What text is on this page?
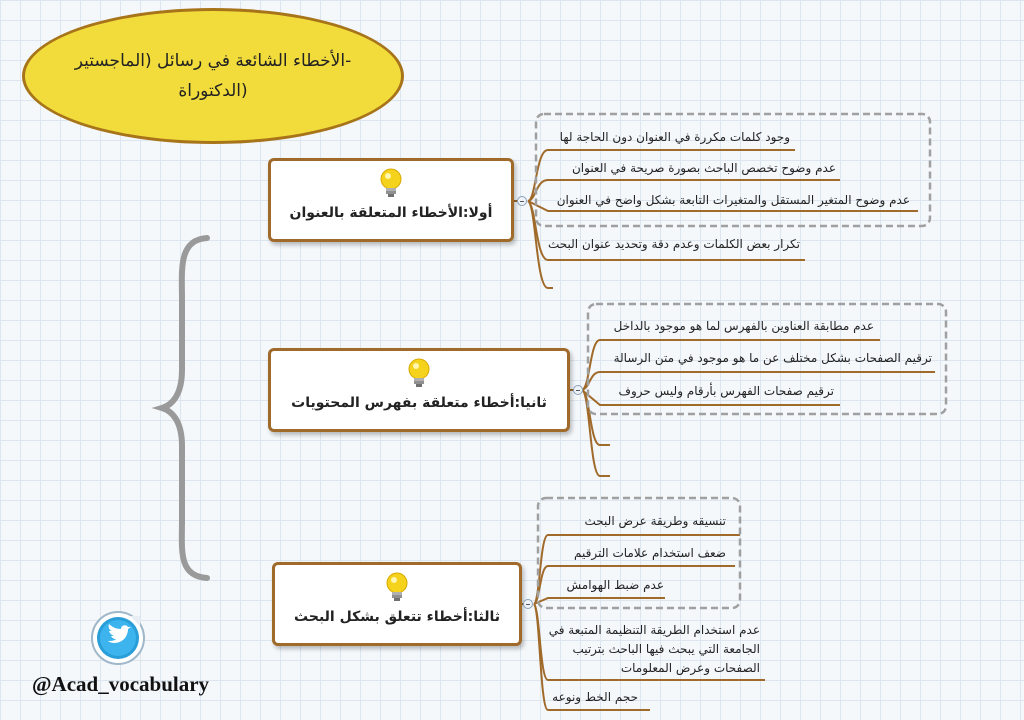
-الأخطاء الشائعة في رسائل (الماجستير (الدكتوراة
أولا:الأخطاء المتعلقة بالعنوان
وجود كلمات مكررة في العنوان دون الحاجة لها
عدم وضوح تخصص الباحث بصورة صريحة في العنوان
عدم وضوح المتغير المستقل والمتغيرات التابعة بشكل واضح في العنوان
تكرار بعض الكلمات وعدم دقة وتحديد عنوان البحث
ثانيا:أخطاء متعلقة بفهرس المحتويات
عدم مطابقة العناوين بالفهرس لما هو موجود بالداخل
ترقيم الصفحات بشكل مختلف عن ما هو موجود في متن الرسالة
ترقيم صفحات الفهرس بأرقام وليس حروف
ثالثا:أخطاء تتعلق بشكل البحث
تنسيقه وطريقة عرض البحث
ضعف استخدام علامات الترقيم
عدم ضبط الهوامش
عدم استخدام الطريقة التنظيمة المتبعة في الجامعة التي يبحث فيها الباحث بترتيب الصفحات وعرض المعلومات
حجم الخط ونوعه
@Acad_vocabulary
